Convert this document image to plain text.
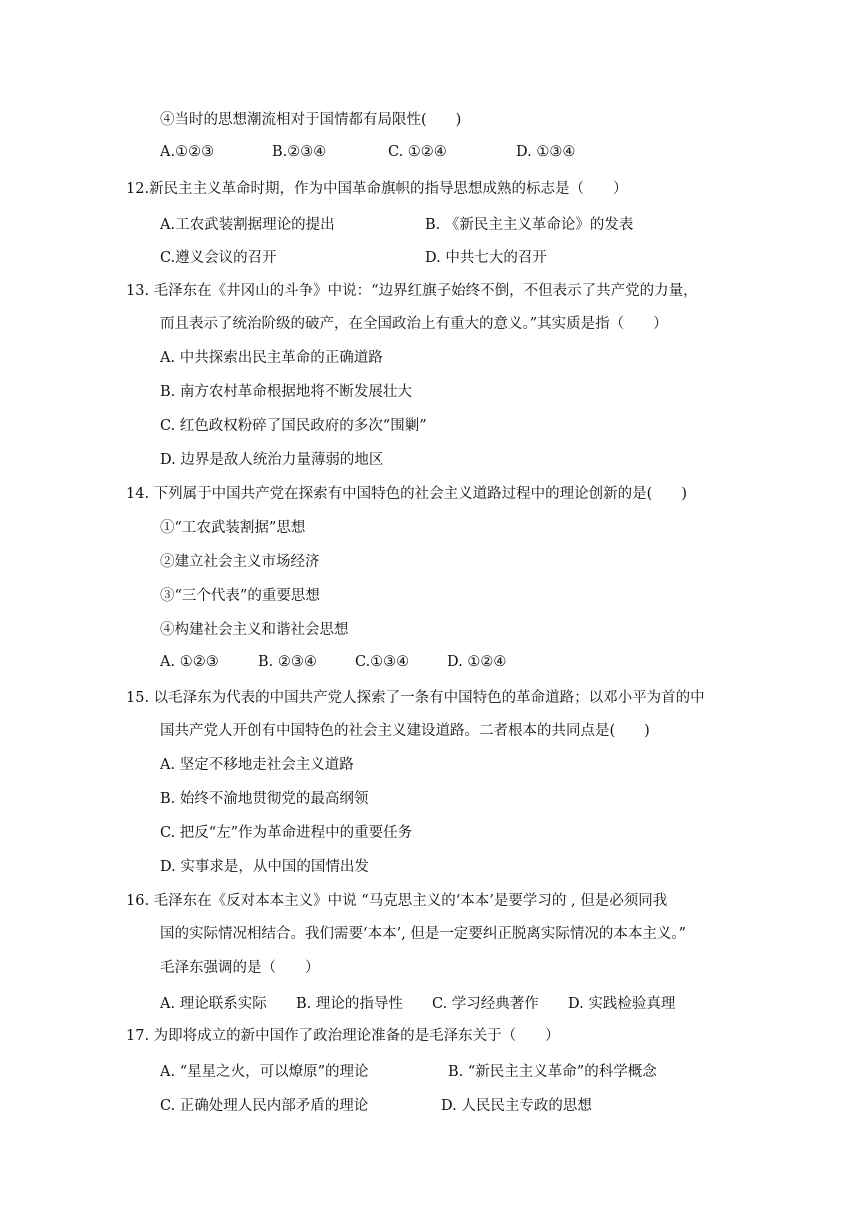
④当时的思想潮流相对于国情都有局限性(　　)
A.①②③	B.②③④	C. ①②④	D. ①③④
12.新民主主义革命时期，作为中国革命旗帜的指导思想成熟的标志是（　　）
A.工农武装割据理论的提出	B. 《新民主主义革命论》的发表
C.遵义会议的召开	D. 中共七大的召开
13. 毛泽东在《井冈山的斗争》中说：“边界红旗子始终不倒，不但表示了共产党的力量，
而且表示了统治阶级的破产，在全国政治上有重大的意义。”其实质是指（　　）
A. 中共探索出民主革命的正确道路
B. 南方农村革命根据地将不断发展壮大
C. 红色政权粉碎了国民政府的多次“围剿”
D. 边界是敌人统治力量薄弱的地区
14. 下列属于中国共产党在探索有中国特色的社会主义道路过程中的理论创新的是(　　)
①“工农武装割据”思想
②建立社会主义市场经济
③“三个代表”的重要思想
④构建社会主义和谐社会思想
A. ①②③	B. ②③④	C.①③④	D. ①②④
15. 以毛泽东为代表的中国共产党人探索了一条有中国特色的革命道路；以邓小平为首的中
国共产党人开创有中国特色的社会主义建设道路。二者根本的共同点是(　　)
A. 坚定不移地走社会主义道路
B. 始终不渝地贯彻党的最高纲领
C. 把反“左”作为革命进程中的重要任务
D. 实事求是，从中国的国情出发
16. 毛泽东在《反对本本主义》中说 “马克思主义的‘本本’是要学习的 , 但是必须同我
国的实际情况相结合。我们需要‘本本’, 但是一定要纠正脱离实际情况的本本主义。”
毛泽东强调的是（　　）
A. 理论联系实际 B. 理论的指导性 C. 学习经典著作 D. 实践检验真理
17. 为即将成立的新中国作了政治理论准备的是毛泽东关于（　　）
A. “星星之火，可以燎原”的理论	B. “新民主主义革命”的科学概念
C. 正确处理人民内部矛盾的理论	D. 人民民主专政的思想
